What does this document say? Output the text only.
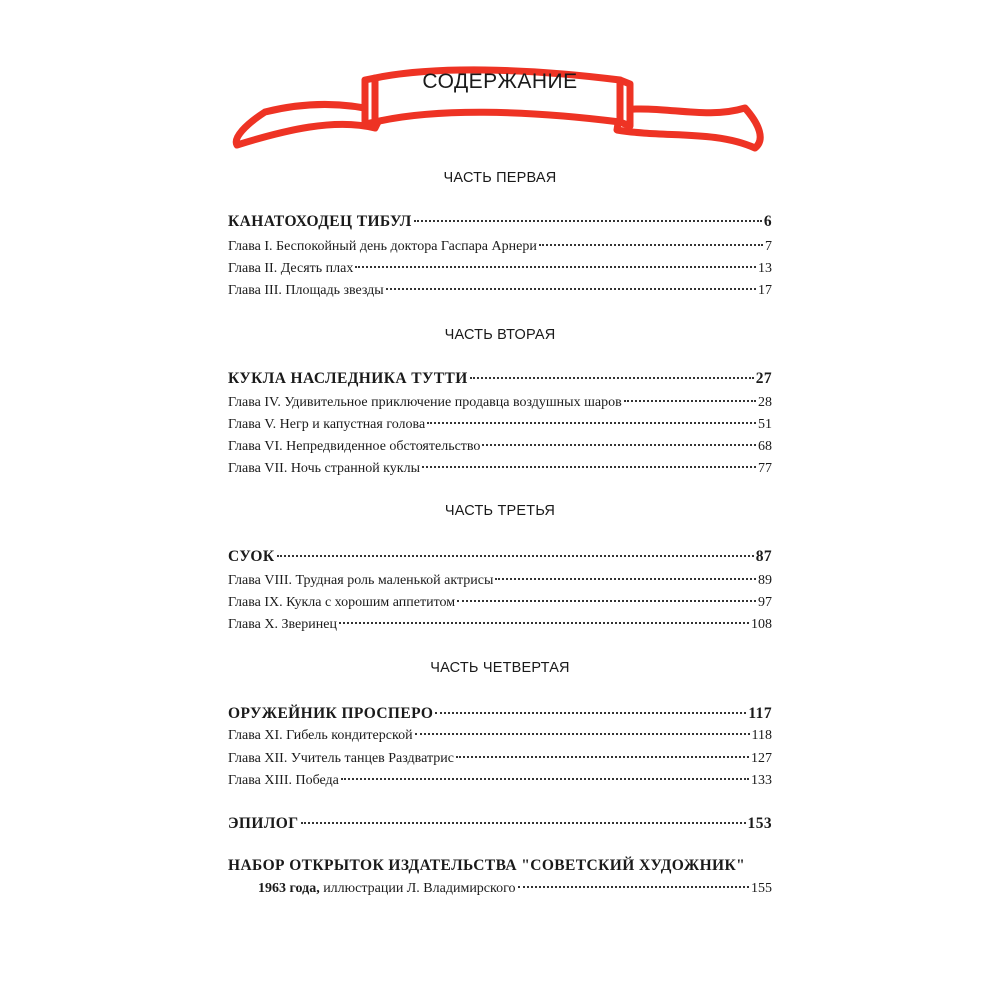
СОДЕРЖАНИЕ
ЧАСТЬ ПЕРВАЯ
КАНАТОХОДЕЦ ТИБУЛ	6
Глава I. Беспокойный день доктора Гаспара Арнери	7
Глава II. Десять плах	13
Глава III. Площадь звезды	17
ЧАСТЬ ВТОРАЯ
КУКЛА НАСЛЕДНИКА ТУТТИ	27
Глава IV. Удивительное приключение продавца воздушных шаров	28
Глава V. Негр и капустная голова	51
Глава VI. Непредвиденное обстоятельство	68
Глава VII. Ночь странной куклы	77
ЧАСТЬ ТРЕТЬЯ
СУОК	87
Глава VIII. Трудная роль маленькой актрисы	89
Глава IX. Кукла с хорошим аппетитом	97
Глава X. Зверинец	108
ЧАСТЬ ЧЕТВЕРТАЯ
ОРУЖЕЙНИК ПРОСПЕРО	117
Глава XI. Гибель кондитерской	118
Глава XII. Учитель танцев Раздватрис	127
Глава XIII. Победа	133
ЭПИЛОГ	153
НАБОР ОТКРЫТОК ИЗДАТЕЛЬСТВА "СОВЕТСКИЙ ХУДОЖНИК"
1963 года, иллюстрации Л. Владимирского	155
